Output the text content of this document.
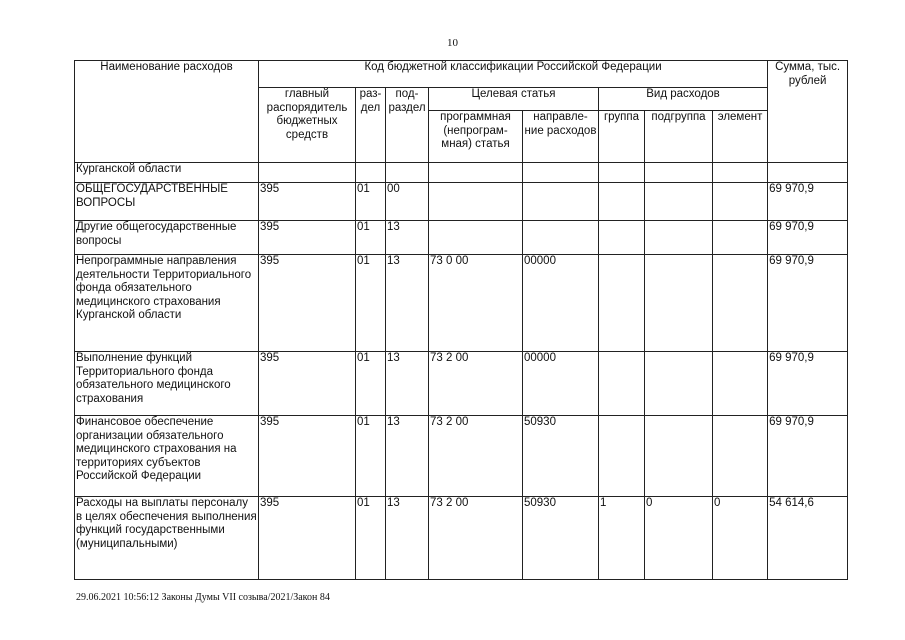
10
Наименование расходов	Код бюджетной классификации Российской Федерации								Сумма, тыс. рублей
	главный распорядитель бюджетных средств	раз-дел	под-раздел	Целевая статья		Вид расходов			
				программная (непрограм-мная) статья	направле-ние расходов	группа	подгруппа	элемент	
Курганской области									
ОБЩЕГОСУДАРСТВЕННЫЕ ВОПРОСЫ	395	01	00						69 970,9
Другие общегосударственные вопросы	395	01	13						69 970,9
Непрограммные направления деятельности Территориального фонда обязательного медицинского страхования Курганской области	395	01	13	73 0 00	00000				69 970,9
Выполнение функций Территориального фонда обязательного медицинского страхования	395	01	13	73 2 00	00000				69 970,9
Финансовое обеспечение организации обязательного медицинского страхования на территориях субъектов Российской Федерации	395	01	13	73 2 00	50930				69 970,9
Расходы на выплаты персоналу в целях обеспечения выполнения функций государственными (муниципальными)	395	01	13	73 2 00	50930	1	0	0	54 614,6
29.06.2021 10:56:12 Законы Думы VII созыва/2021/Закон 84
